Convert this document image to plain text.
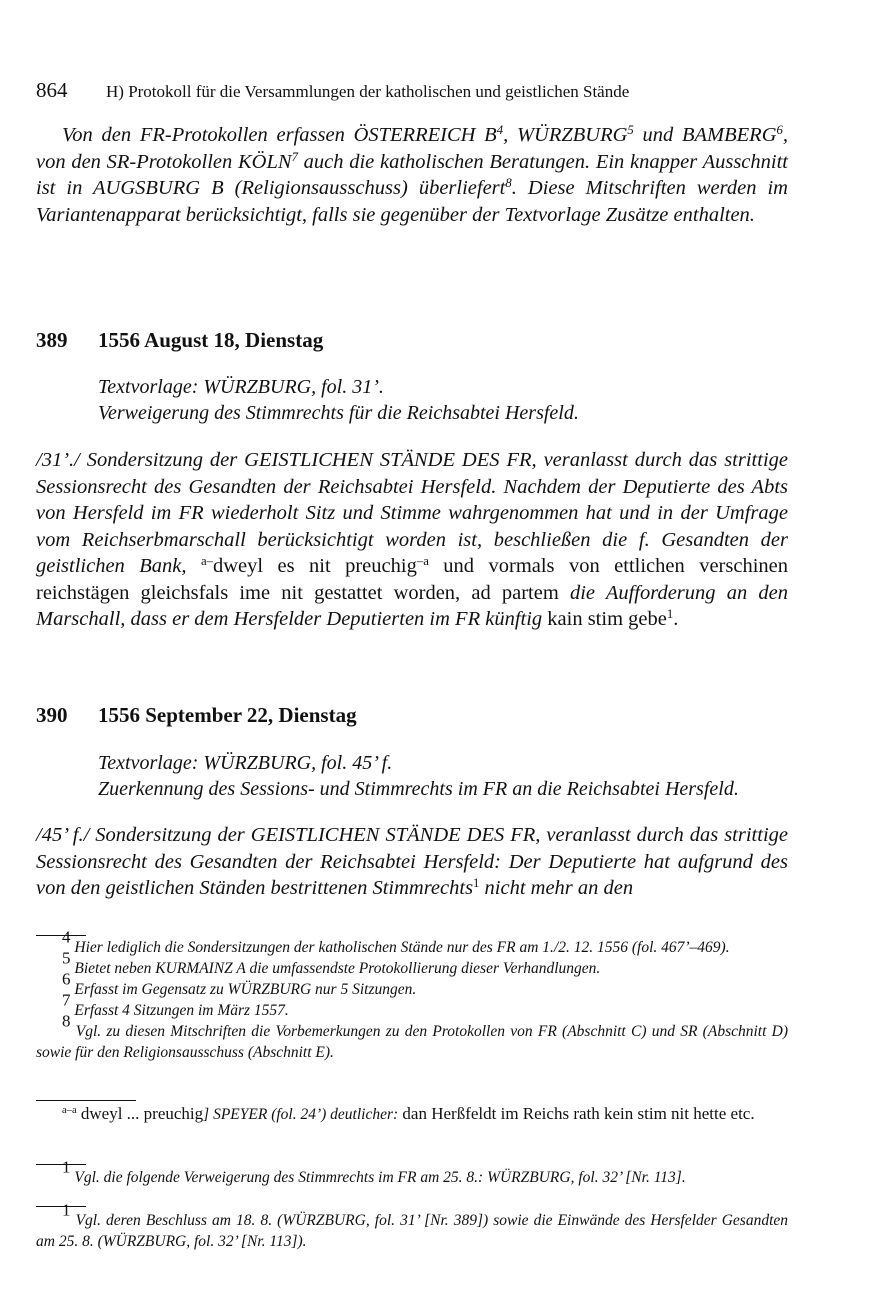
864 H) Protokoll für die Versammlungen der katholischen und geistlichen Stände
Von den FR-Protokollen erfassen ÖSTERREICH $B^4$, WÜRZBURG$^5$ und BAMBERG$^6$, von den SR-Protokollen KÖLN$^7$ auch die katholischen Beratungen. Ein knapper Ausschnitt ist in AUGSBURG B (Religionsausschuss) überliefert$^8$. Diese Mitschriften werden im Variantenapparat berücksichtigt, falls sie gegenüber der Textvorlage Zusätze enthalten.
389 1556 August 18, Dienstag
Textvorlage: WÜRZBURG, fol. 31’.
Verweigerung des Stimmrechts für die Reichsabtei Hersfeld.
/31’./ Sondersitzung der GEISTLICHEN STÄNDE DES FR, veranlasst durch das strittige Sessionsrecht des Gesandten der Reichsabtei Hersfeld. Nachdem der Deputierte des Abts von Hersfeld im FR wiederholt Sitz und Stimme wahrgenommen hat und in der Umfrage vom Reichserbmarschall berücksichtigt worden ist, beschließen die f. Gesandten der geistlichen Bank, $^{a-}$dweyl es nit preuchig$^{-a}$ und vormals von ettlichen verschinen reichstägen gleichsfals ime nit gestattet worden, ad partem die Aufforderung an den Marschall, dass er dem Hersfelder Deputierten im FR künftig kain stim gebe$^1$.
390 1556 September 22, Dienstag
Textvorlage: WÜRZBURG, fol. 45’ f.
Zuerkennung des Sessions- und Stimmrechts im FR an die Reichsabtei Hersfeld.
/45’ f./ Sondersitzung der GEISTLICHEN STÄNDE DES FR, veranlasst durch das strittige Sessionsrecht des Gesandten der Reichsabtei Hersfeld: Der Deputierte hat aufgrund des von den geistlichen Ständen bestrittenen Stimmrechts$^1$ nicht mehr an den
$^4$ Hier lediglich die Sondersitzungen der katholischen Stände nur des FR am 1./2. 12. 1556 (fol. 467’–469).
$^5$ Bietet neben KURMAINZ A die umfassendste Protokollierung dieser Verhandlungen.
$^6$ Erfasst im Gegensatz zu WÜRZBURG nur 5 Sitzungen.
$^7$ Erfasst 4 Sitzungen im März 1557.
$^8$ Vgl. zu diesen Mitschriften die Vorbemerkungen zu den Protokollen von FR (Abschnitt C) und SR (Abschnitt D) sowie für den Religionsausschuss (Abschnitt E).
$^{a-a}$ dweyl ... preuchig] SPEYER (fol. 24’) deutlicher: dan Herßfeldt im Reichs rath kein stim nit hette etc.
$^1$ Vgl. die folgende Verweigerung des Stimmrechts im FR am 25. 8.: WÜRZBURG, fol. 32’ [Nr. 113].
$^1$ Vgl. deren Beschluss am 18. 8. (WÜRZBURG, fol. 31’ [Nr. 389]) sowie die Einwände des Hersfelder Gesandten am 25. 8. (WÜRZBURG, fol. 32’ [Nr. 113]).
